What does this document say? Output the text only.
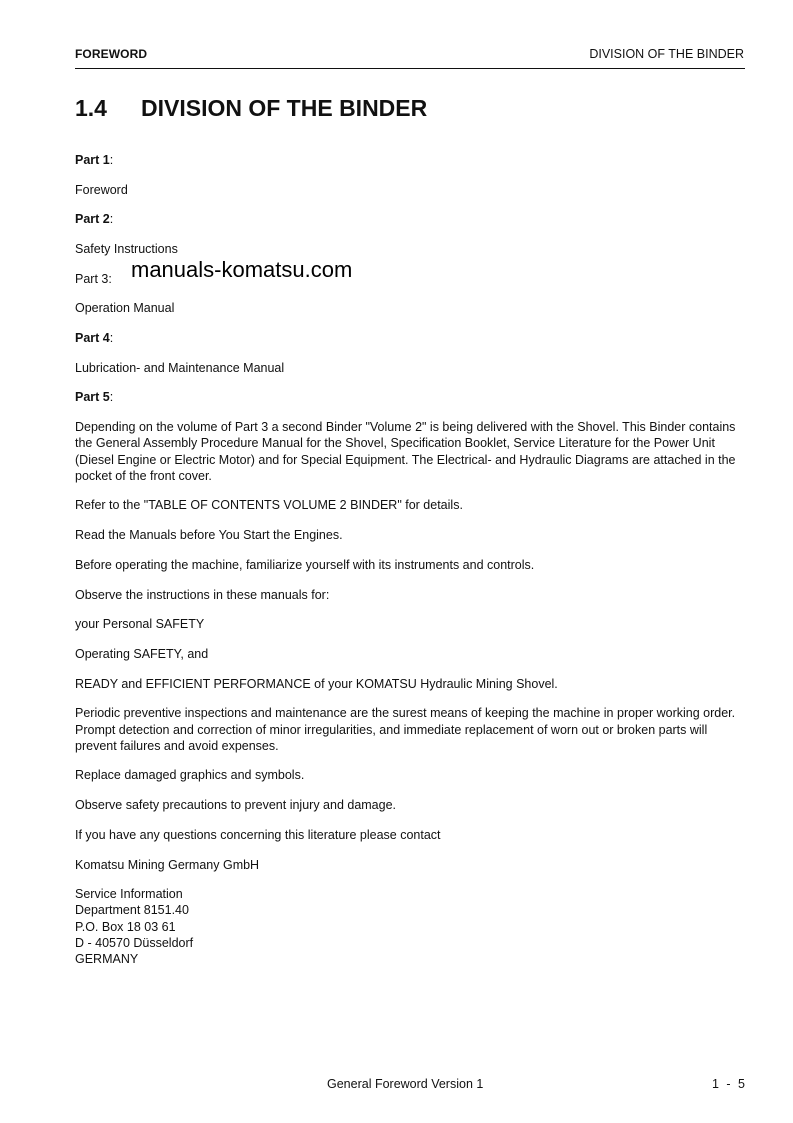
FOREWORD	DIVISION OF THE BINDER
1.4 DIVISION OF THE BINDER

Part 1:

Foreword

Part 2:

Safety Instructions

Part 3: manuals-komatsu.com

Operation Manual

Part 4:

Lubrication- and Maintenance Manual

Part 5:

Depending on the volume of Part 3 a second Binder "Volume 2" is being delivered with the Shovel. This Binder contains the General Assembly Procedure Manual for the Shovel, Specification Booklet, Service Literature for the Power Unit (Diesel Engine or Electric Motor) and for Special Equipment. The Electrical- and Hydraulic Diagrams are attached in the pocket of the front cover.

Refer to the "TABLE OF CONTENTS VOLUME 2 BINDER" for details.

Read the Manuals before You Start the Engines.

Before operating the machine, familiarize yourself with its instruments and controls.

Observe the instructions in these manuals for:

your Personal SAFETY

Operating SAFETY, and

READY and EFFICIENT PERFORMANCE of your KOMATSU Hydraulic Mining Shovel.

Periodic preventive inspections and maintenance are the surest means of keeping the machine in proper working order. Prompt detection and correction of minor irregularities, and immediate replacement of worn out or broken parts will prevent failures and avoid expenses.

Replace damaged graphics and symbols.

Observe safety precautions to prevent injury and damage.

If you have any questions concerning this literature please contact

Komatsu Mining Germany GmbH

Service Information
Department 8151.40
P.O. Box 18 03 61
D - 40570 Düsseldorf
GERMANY

General Foreword Version 1	1 - 5
